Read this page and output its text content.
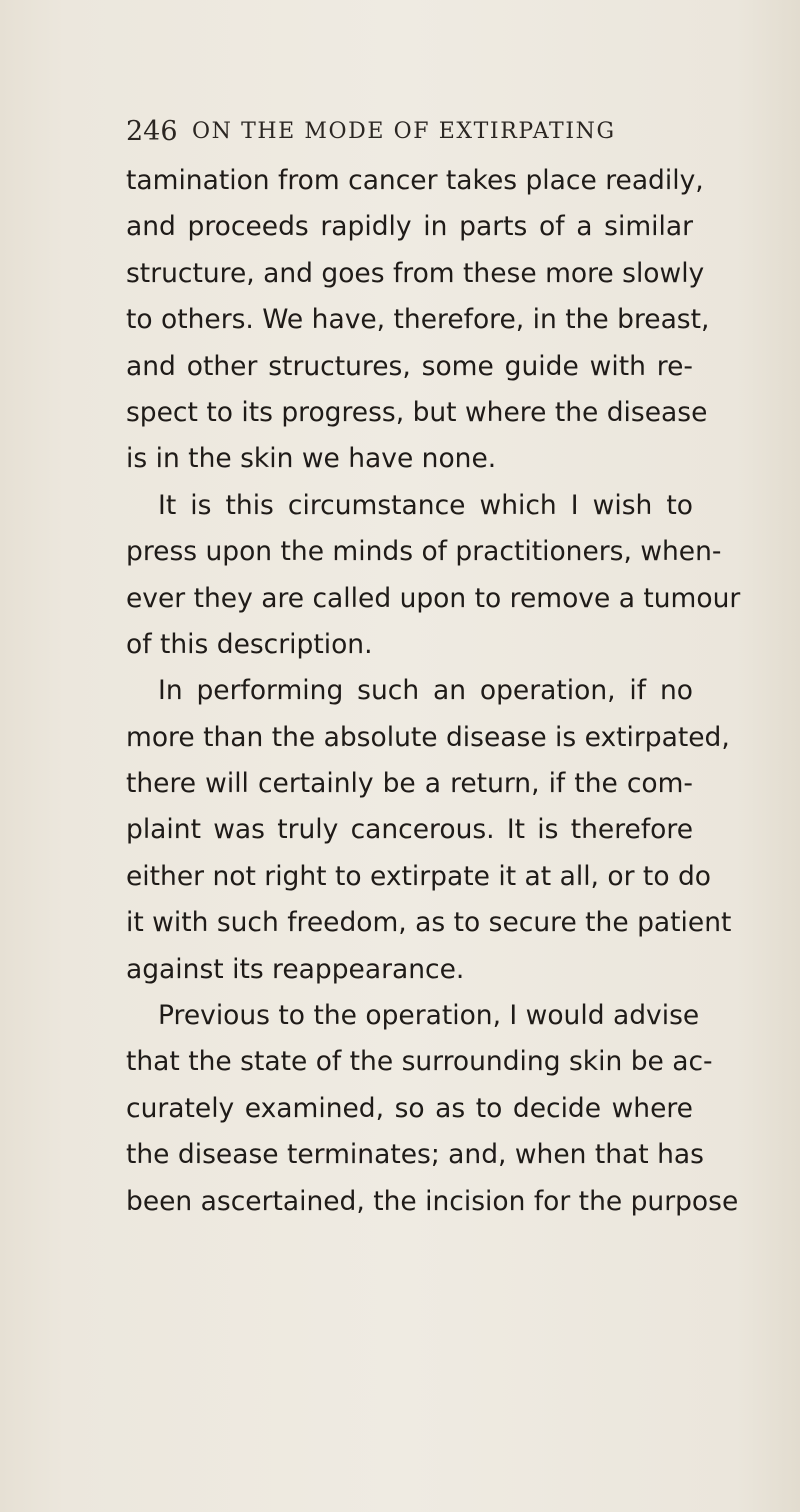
246 ON THE MODE OF EXTIRPATING
tamination from cancer takes place readily,
and proceeds rapidly in parts of a similar
structure, and goes from these more slowly
to others. We have, therefore, in the breast,
and other structures, some guide with re-
spect to its progress, but where the disease
is in the skin we have none.
It is this circumstance which I wish to
press upon the minds of practitioners, when-
ever they are called upon to remove a tumour
of this description.
In performing such an operation, if no
more than the absolute disease is extirpated,
there will certainly be a return, if the com-
plaint was truly cancerous. It is therefore
either not right to extirpate it at all, or to do
it with such freedom, as to secure the patient
against its reappearance.
Previous to the operation, I would advise
that the state of the surrounding skin be ac-
curately examined, so as to decide where
the disease terminates; and, when that has
been ascertained, the incision for the purpose
